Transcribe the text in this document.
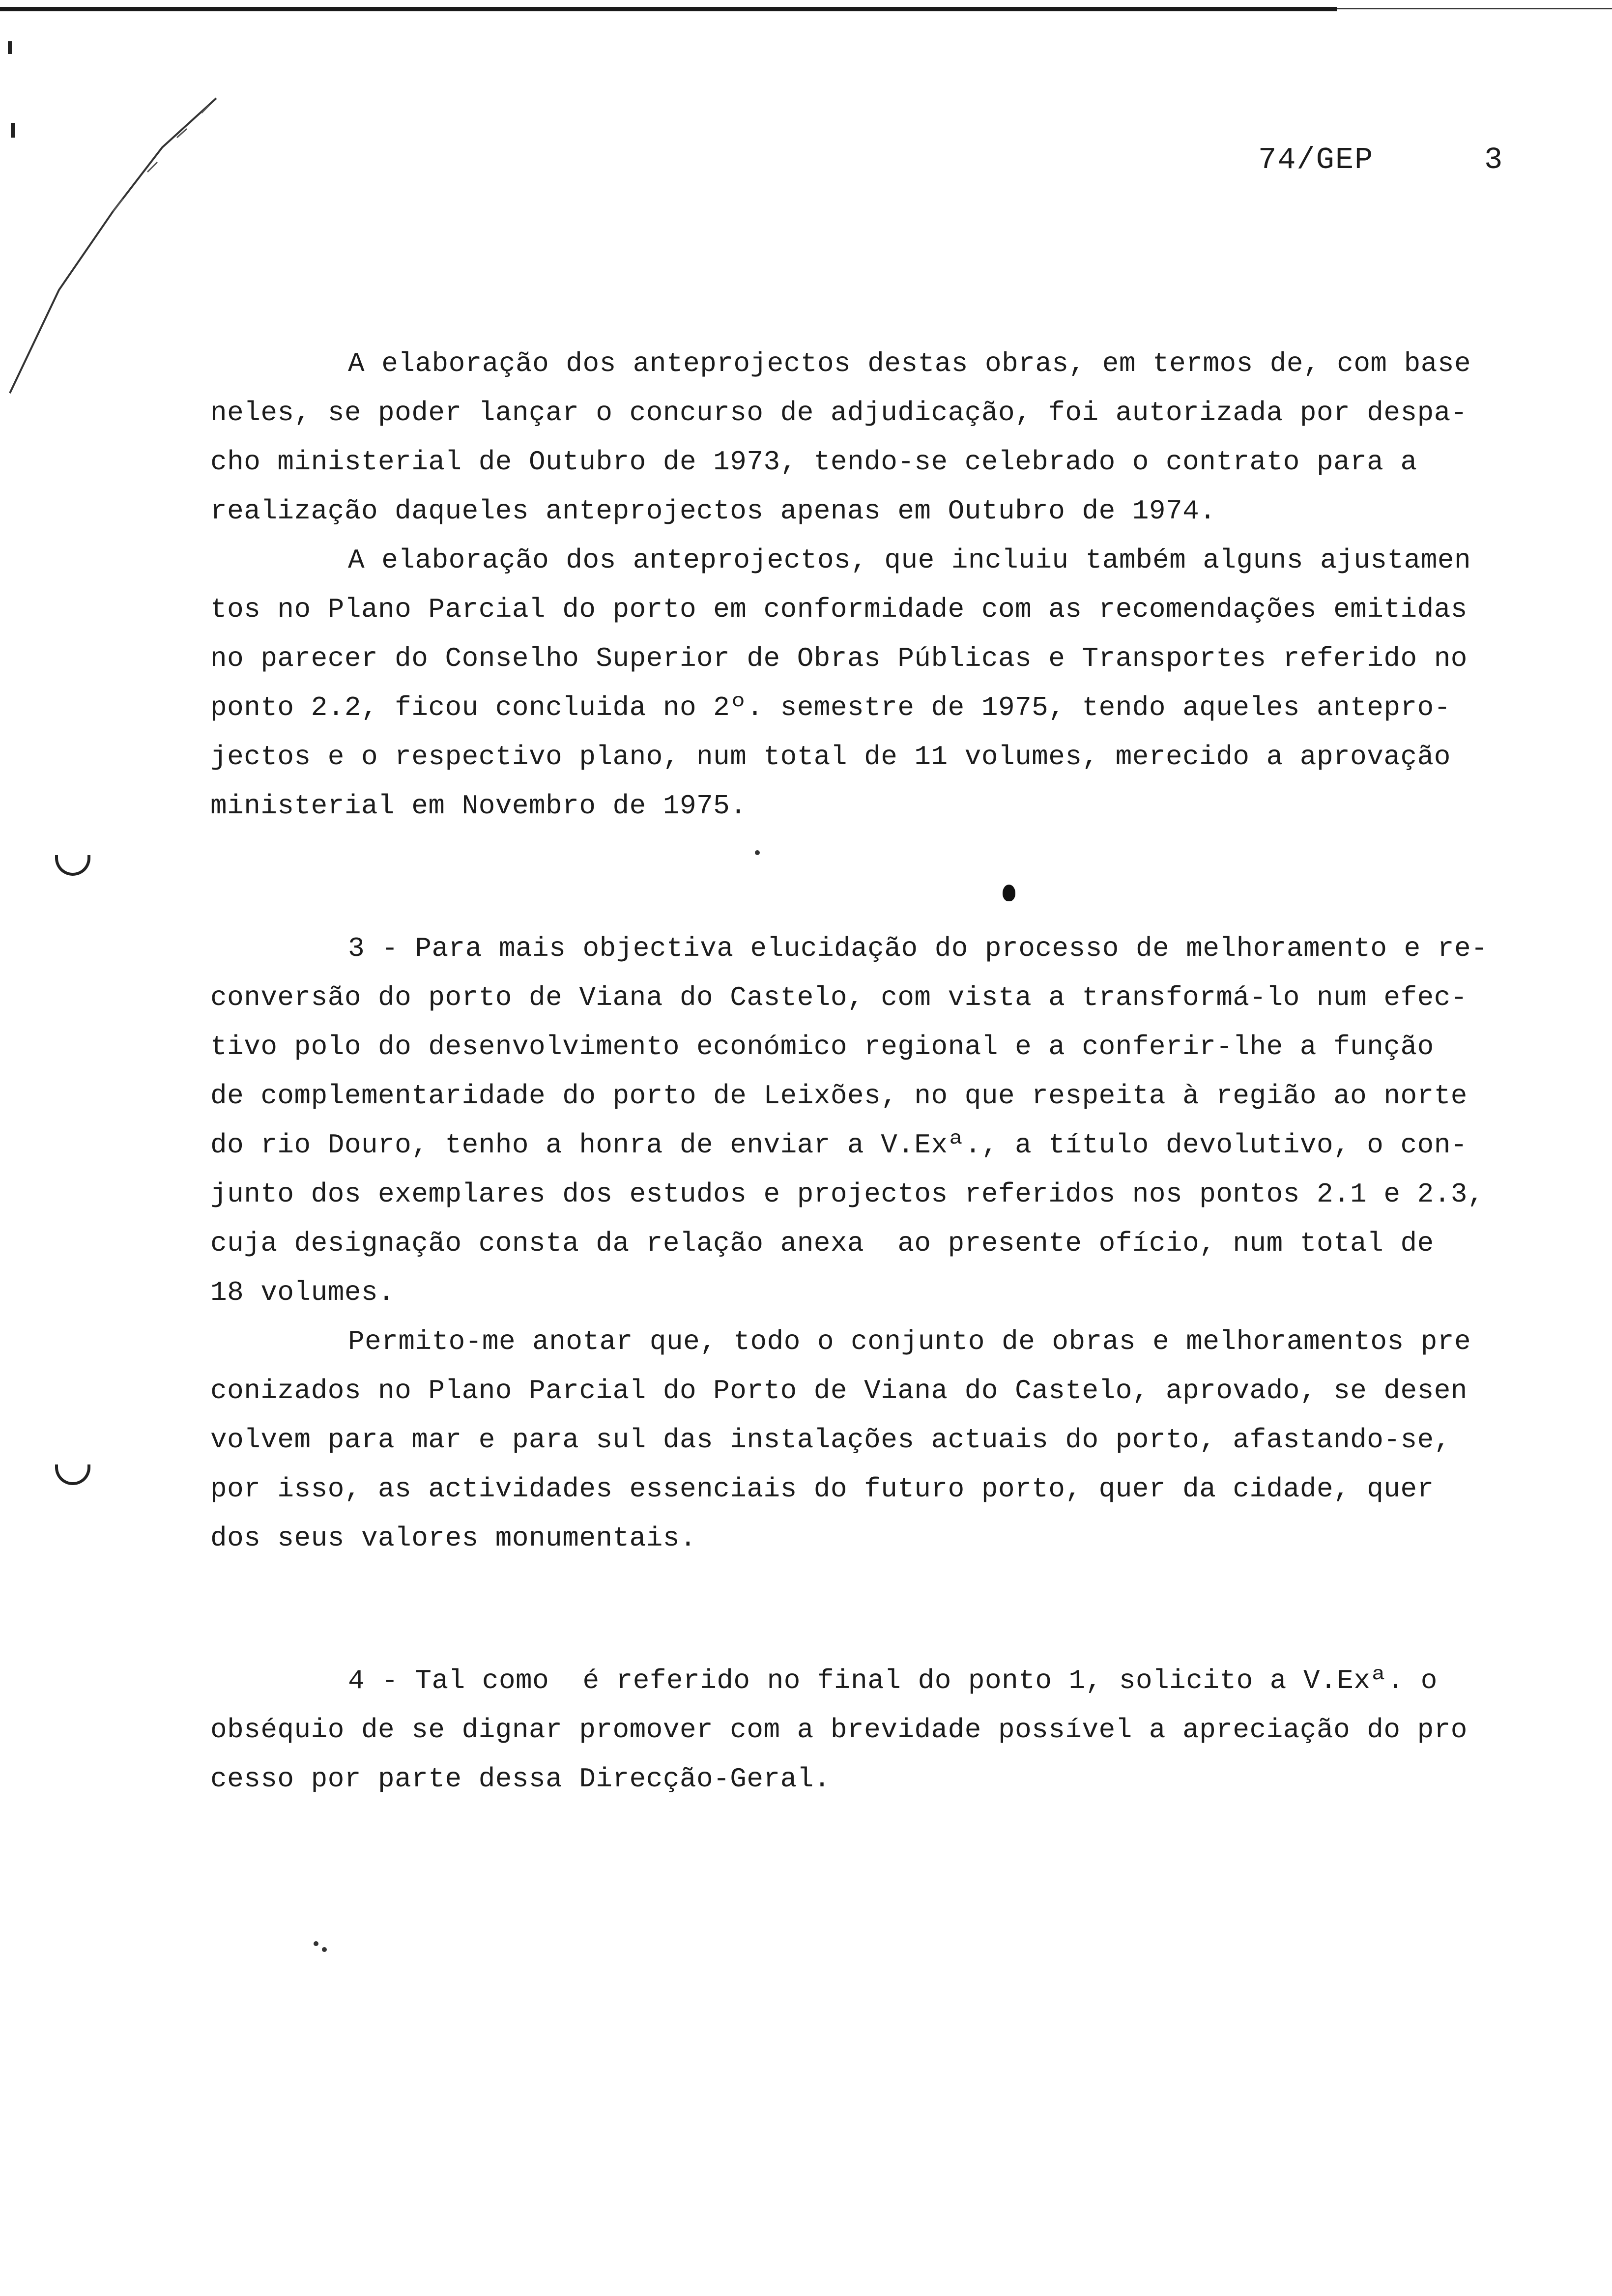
74/GEP	3

A elaboração dos anteprojectos destas obras, em termos de, com base
neles, se poder lançar o concurso de adjudicação, foi autorizada por despa-
cho ministerial de Outubro de 1973, tendo-se celebrado o contrato para a
realização daqueles anteprojectos apenas em Outubro de 1974.

A elaboração dos anteprojectos, que incluiu também alguns ajustamen
tos no Plano Parcial do porto em conformidade com as recomendações emitidas
no parecer do Conselho Superior de Obras Públicas e Transportes referido no
ponto 2.2, ficou concluida no 2º. semestre de 1975, tendo aqueles antepro-
jectos e o respectivo plano, num total de 11 volumes, merecido a aprovação
ministerial em Novembro de 1975.

3 - Para mais objectiva elucidação do processo de melhoramento e re-
conversão do porto de Viana do Castelo, com vista a transformá-lo num efec-
tivo polo do desenvolvimento económico regional e a conferir-lhe a função
de complementaridade do porto de Leixões, no que respeita à região ao norte
do rio Douro, tenho a honra de enviar a V.Exª., a título devolutivo, o con-
junto dos exemplares dos estudos e projectos referidos nos pontos 2.1 e 2.3,
cuja designação consta da relação anexa  ao presente ofício, num total de
18 volumes.

Permito-me anotar que, todo o conjunto de obras e melhoramentos pre
conizados no Plano Parcial do Porto de Viana do Castelo, aprovado, se desen
volvem para mar e para sul das instalações actuais do porto, afastando-se,
por isso, as actividades essenciais do futuro porto, quer da cidade, quer
dos seus valores monumentais.

4 - Tal como  é referido no final do ponto 1, solicito a V.Exª. o
obséquio de se dignar promover com a brevidade possível a apreciação do pro
cesso por parte dessa Direcção-Geral.
